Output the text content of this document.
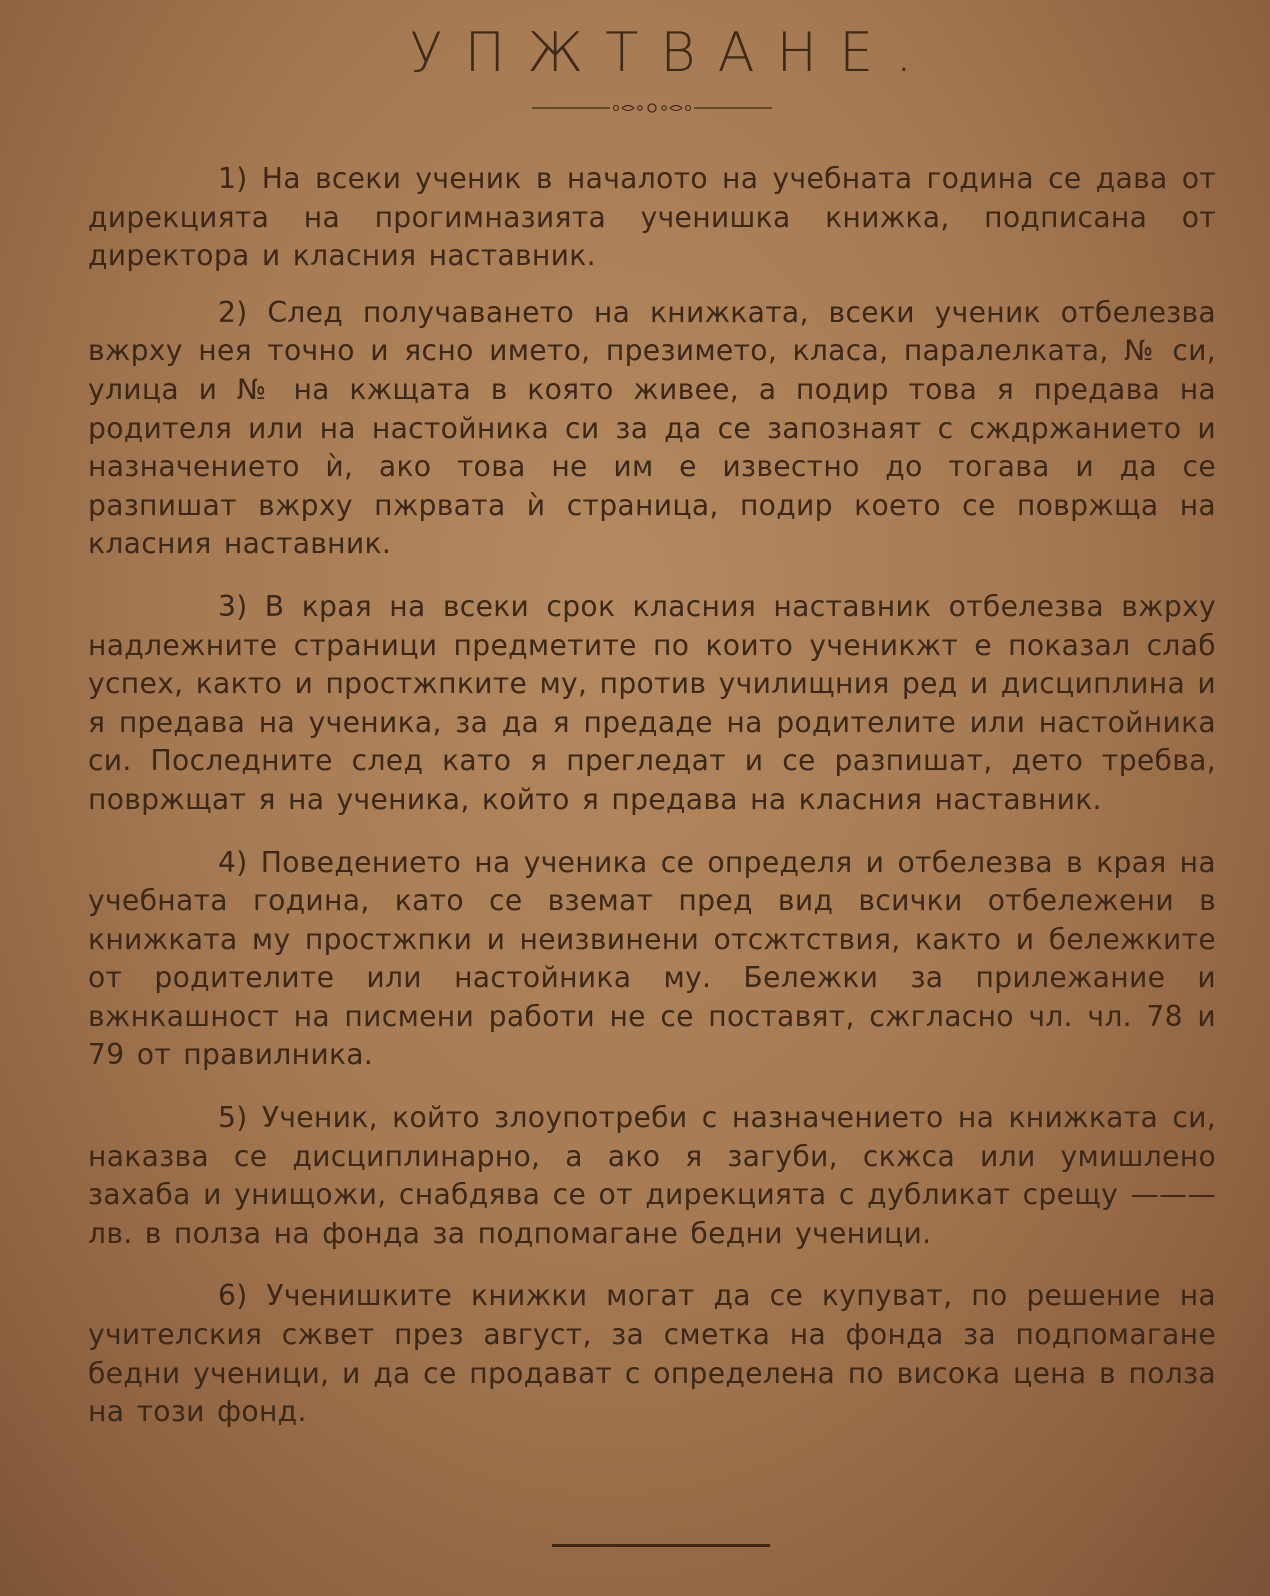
УПЖТВАНЕ.

1) На всеки ученик в началото на учебната година се дава от дирекцията на прогимназията ученишка книжка, подписана от директора и класния наставник.

2) След получаването на книжката, всеки ученик отбелезва вжрху нея точно и ясно името, презимето, класа, паралелката, № си, улица и № на кжщата в която живее, а подир това я предава на родителя или на настойника си за да се запознаят с сждржанието и назначението ѝ, ако това не им е известно до тогава и да се разпишат вжрху пжрвата ѝ страница, подир което се повржща на класния наставник.

3) В края на всеки срок класния наставник отбелезва вжрху надлежните страници предметите по които ученикжт е показал слаб успех, както и простжпките му, против училищния ред и дисциплина и я предава на ученика, за да я предаде на родителите или настойника си. Последните след като я прегледат и се разпишат, дето требва, повржщат я на ученика, който я предава на класния наставник.

4) Поведението на ученика се определя и отбелезва в края на учебната година, като се вземат пред вид всички отбележени в книжката му простжпки и неизвинени отсжтствия, както и бележките от родителите или настойника му. Бележки за прилежание и вжнкашност на писмени работи не се поставят, сжгласно чл. чл. 78 и 79 от правилника.

5) Ученик, който злоупотреби с назначението на книжката си, наказва се дисциплинарно, а ако я загуби, скжса или умишлено захаба и унищожи, снабдява се от дирекцията с дубликат срещу ——— лв. в полза на фонда за подпомагане бедни ученици.

6) Ученишките книжки могат да се купуват, по решение на учителския сжвет през август, за сметка на фонда за подпомагане бедни ученици, и да се продават с определена по висока цена в полза на този фонд.
